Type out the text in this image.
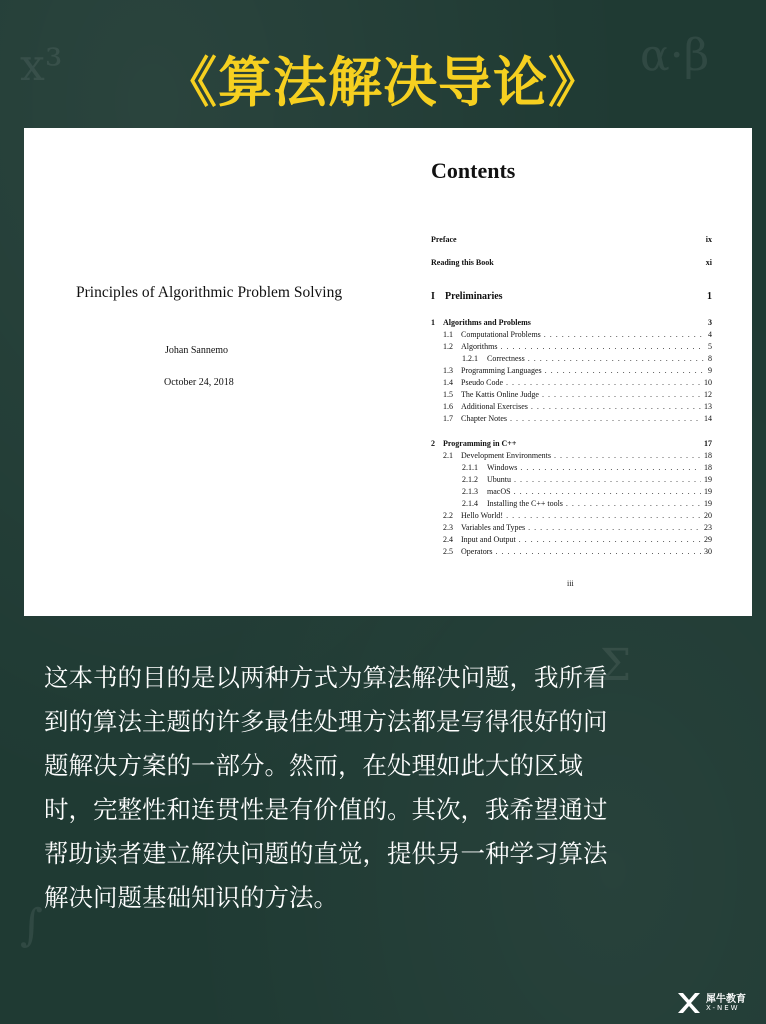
x³	α·β
Σ
∫
《算法解决导论》
Principles of Algorithmic Problem Solving
Johan Sannemo
October 24, 2018
Contents
Preface	ix
Reading this Book	xi
I	Preliminaries	1
1	Algorithms and Problems	3
1.1	Computational Problems . . .	4
1.2	Algorithms . . .	5
1.2.1	Correctness . . .	8
1.3	Programming Languages . . .	9
1.4	Pseudo Code . . .	10
1.5	The Kattis Online Judge . . .	12
1.6	Additional Exercises . . .	13
1.7	Chapter Notes . . .	14
2	Programming in C++	17
2.1	Development Environments . . .	18
2.1.1	Windows . . .	18
2.1.2	Ubuntu . . .	19
2.1.3	macOS . . .	19
2.1.4	Installing the C++ tools . . .	19
2.2	Hello World! . . .	20
2.3	Variables and Types . . .	23
2.4	Input and Output . . .	29
2.5	Operators . . .	30
iii
这本书的目的是以两种方式为算法解决问题，我所看
到的算法主题的许多最佳处理方法都是写得很好的问
题解决方案的一部分。然而，在处理如此大的区域
时，完整性和连贯性是有价值的。其次，我希望通过
帮助读者建立解决问题的直觉，提供另一种学习算法
解决问题基础知识的方法。
犀牛教育
X-NEW
